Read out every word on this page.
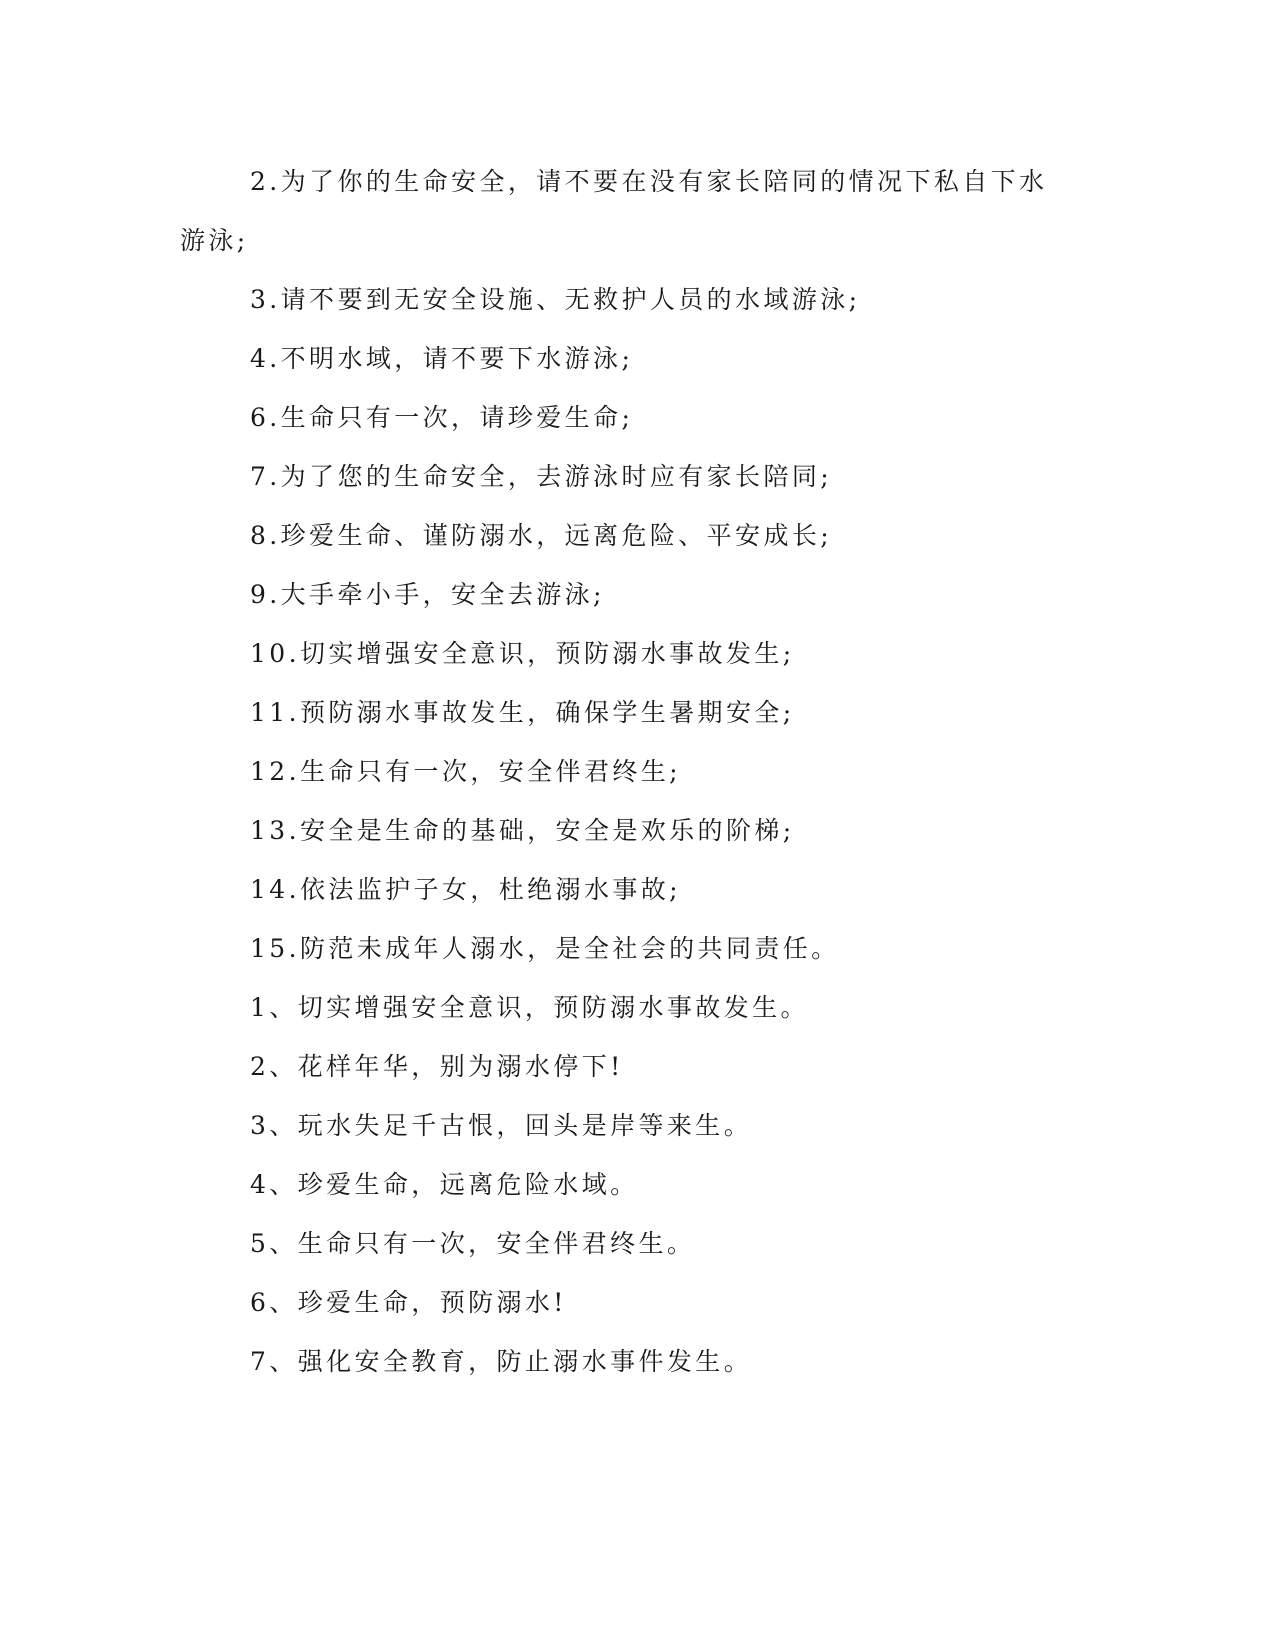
2.为了你的生命安全，请不要在没有家长陪同的情况下私自下水

游泳;

3.请不要到无安全设施、无救护人员的水域游泳;

4.不明水域，请不要下水游泳;

6.生命只有一次，请珍爱生命;

7.为了您的生命安全，去游泳时应有家长陪同;

8.珍爱生命、谨防溺水，远离危险、平安成长;

9.大手牵小手，安全去游泳;

10.切实增强安全意识，预防溺水事故发生;

11.预防溺水事故发生，确保学生暑期安全;

12.生命只有一次，安全伴君终生;

13.安全是生命的基础，安全是欢乐的阶梯;

14.依法监护子女，杜绝溺水事故;

15.防范未成年人溺水，是全社会的共同责任。

1、切实增强安全意识，预防溺水事故发生。

2、花样年华，别为溺水停下!

3、玩水失足千古恨，回头是岸等来生。

4、珍爱生命，远离危险水域。

5、生命只有一次，安全伴君终生。

6、珍爱生命，预防溺水!

7、强化安全教育，防止溺水事件发生。
